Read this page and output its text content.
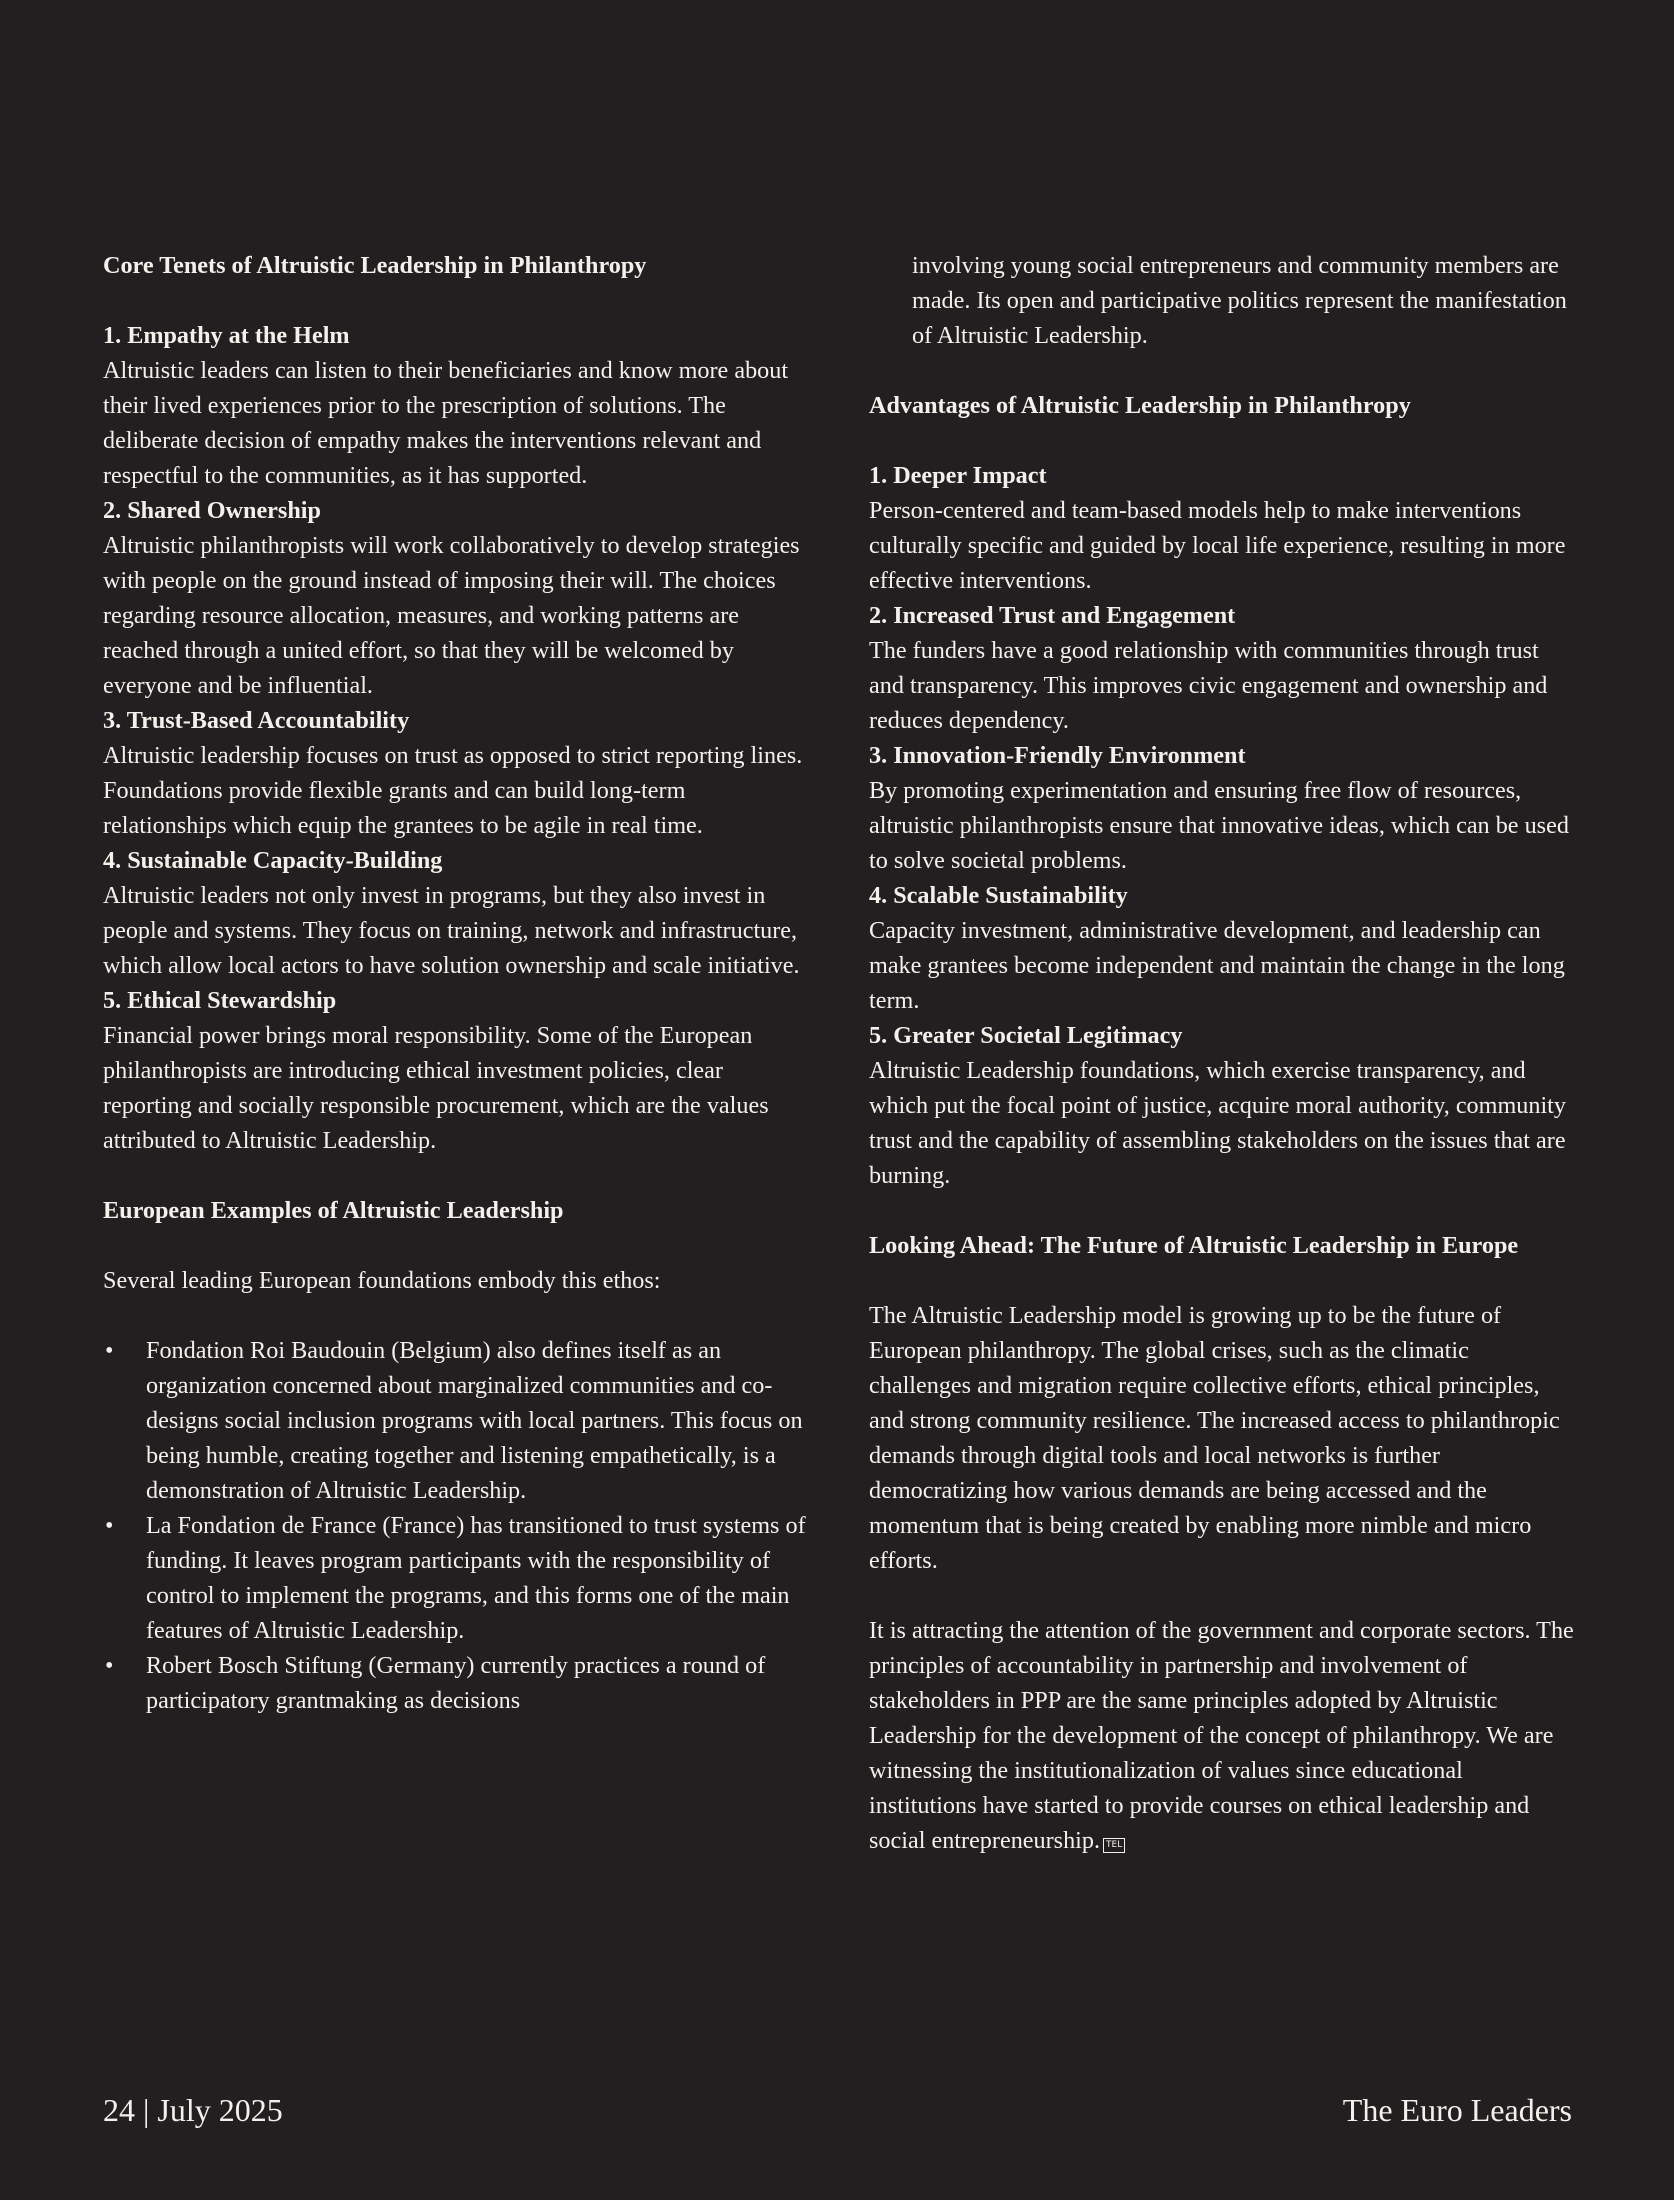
Core Tenets of Altruistic Leadership in Philanthropy
1. Empathy at the Helm

Altruistic leaders can listen to their beneficiaries and know more about their lived experiences prior to the prescription of solutions. The deliberate decision of empathy makes the interventions relevant and respectful to the communities, as it has supported.

2. Shared Ownership

Altruistic philanthropists will work collaboratively to develop strategies with people on the ground instead of imposing their will. The choices regarding resource allocation, measures, and working patterns are reached through a united effort, so that they will be welcomed by everyone and be influential.

3. Trust-Based Accountability

Altruistic leadership focuses on trust as opposed to strict reporting lines. Foundations provide flexible grants and can build long-term relationships which equip the grantees to be agile in real time.

4. Sustainable Capacity-Building

Altruistic leaders not only invest in programs, but they also invest in people and systems. They focus on training, network and infrastructure, which allow local actors to have solution ownership and scale initiative.

5. Ethical Stewardship

Financial power brings moral responsibility. Some of the European philanthropists are introducing ethical investment policies, clear reporting and socially responsible procurement, which are the values attributed to Altruistic Leadership.

European Examples of Altruistic Leadership

Several leading European foundations embody this ethos:

• Fondation Roi Baudouin (Belgium) also defines itself as an organization concerned about marginalized communities and co-designs social inclusion programs with local partners. This focus on being humble, creating together and listening empathetically, is a demonstration of Altruistic Leadership.
• La Fondation de France (France) has transitioned to trust systems of funding. It leaves program participants with the responsibility of control to implement the programs, and this forms one of the main features of Altruistic Leadership.
• Robert Bosch Stiftung (Germany) currently practices a round of participatory grantmaking as decisions

involving young social entrepreneurs and community members are made. Its open and participative politics represent the manifestation of Altruistic Leadership.

Advantages of Altruistic Leadership in Philanthropy
1. Deeper Impact

Person-centered and team-based models help to make interventions culturally specific and guided by local life experience, resulting in more effective interventions.

2. Increased Trust and Engagement

The funders have a good relationship with communities through trust and transparency. This improves civic engagement and ownership and reduces dependency.

3. Innovation-Friendly Environment

By promoting experimentation and ensuring free flow of resources, altruistic philanthropists ensure that innovative ideas, which can be used to solve societal problems.

4. Scalable Sustainability

Capacity investment, administrative development, and leadership can make grantees become independent and maintain the change in the long term.

5. Greater Societal Legitimacy

Altruistic Leadership foundations, which exercise transparency, and which put the focal point of justice, acquire moral authority, community trust and the capability of assembling stakeholders on the issues that are burning.

Looking Ahead: The Future of Altruistic Leadership in Europe

The Altruistic Leadership model is growing up to be the future of European philanthropy. The global crises, such as the climatic challenges and migration require collective efforts, ethical principles, and strong community resilience. The increased access to philanthropic demands through digital tools and local networks is further democratizing how various demands are being accessed and the momentum that is being created by enabling more nimble and micro efforts.

It is attracting the attention of the government and corporate sectors. The principles of accountability in partnership and involvement of stakeholders in PPP are the same principles adopted by Altruistic Leadership for the development of the concept of philanthropy. We are witnessing the institutionalization of values since educational institutions have started to provide courses on ethical leadership and social entrepreneurship. TEL

24 | July 2025	The Euro Leaders
